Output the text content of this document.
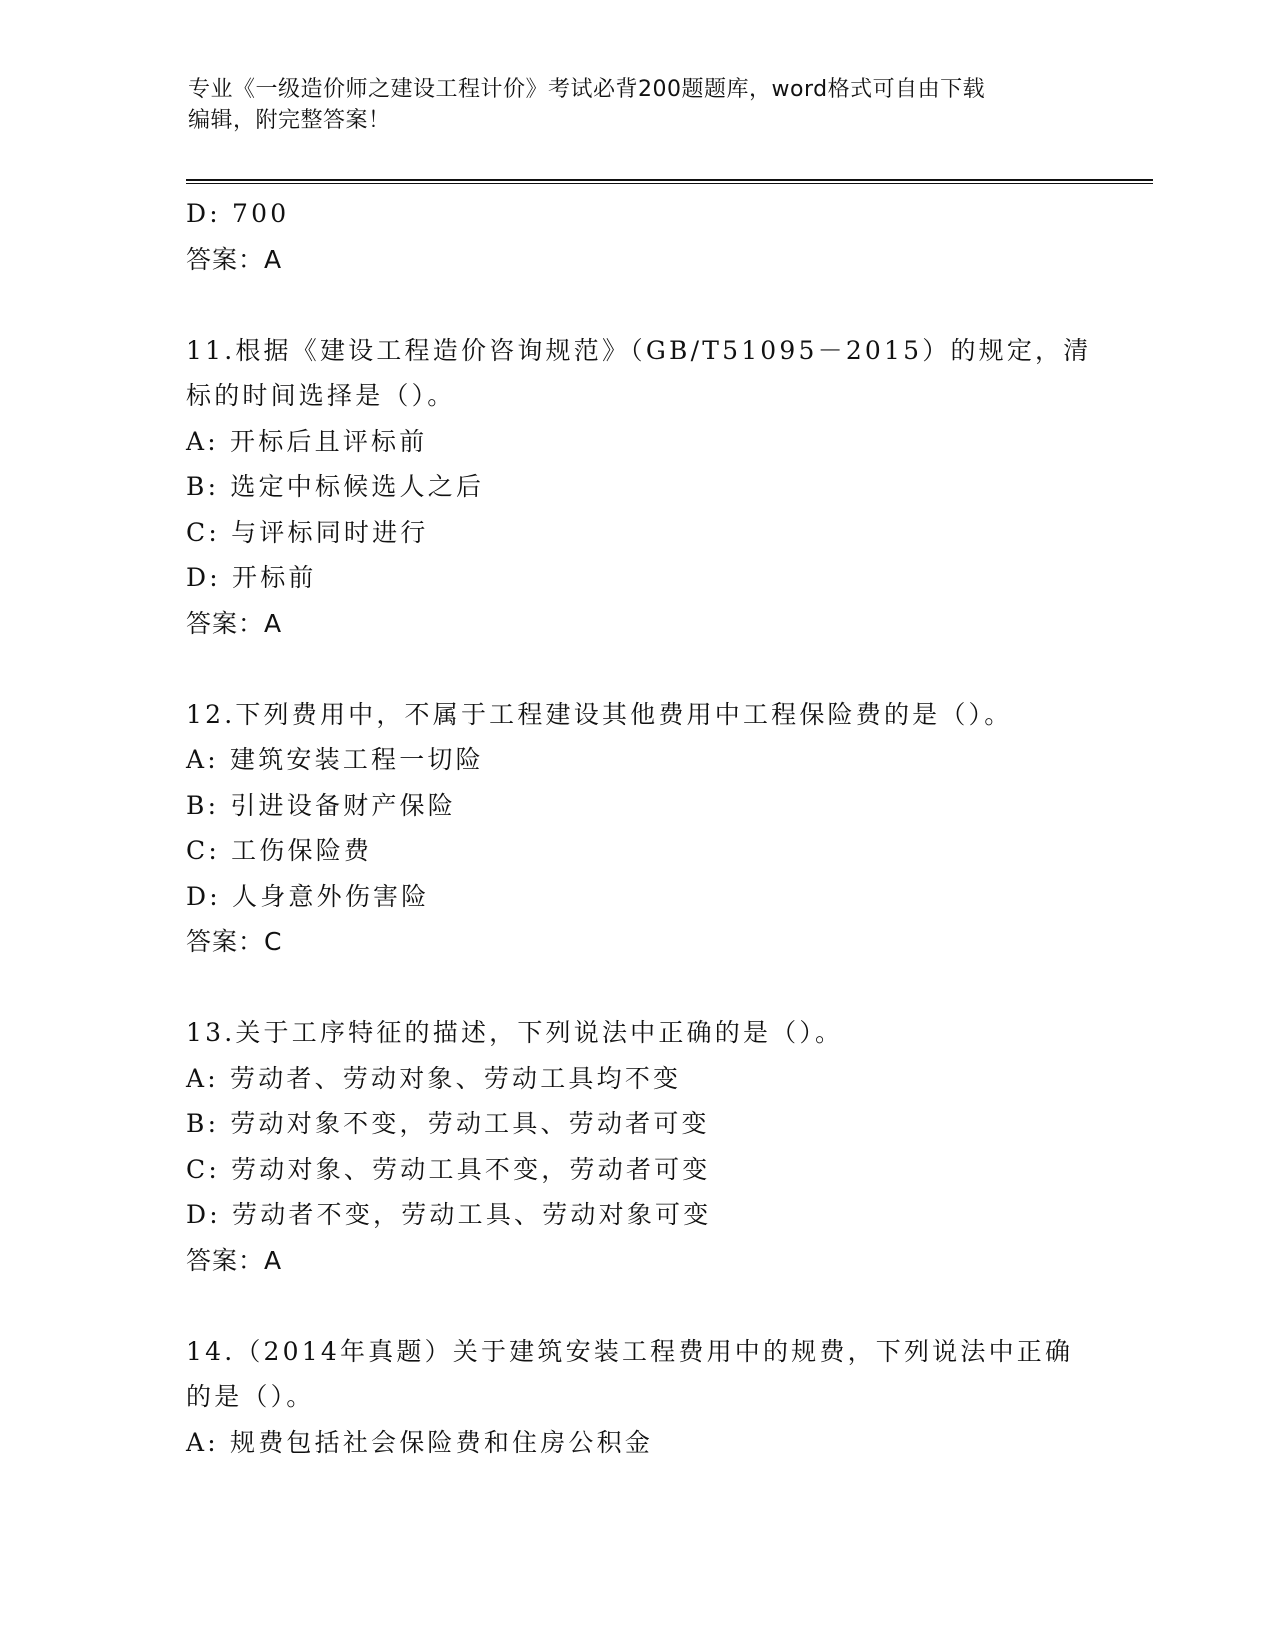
专业《一级造价师之建设工程计价》考试必背200题题库，word格式可自由下载
编辑，附完整答案！
D: 700
答案：A
11.根据《建设工程造价咨询规范》（GB/T51095－2015）的规定，清
标的时间选择是（）。
A: 开标后且评标前
B: 选定中标候选人之后
C: 与评标同时进行
D: 开标前
答案：A
12.下列费用中，不属于工程建设其他费用中工程保险费的是（）。
A: 建筑安装工程一切险
B: 引进设备财产保险
C: 工伤保险费
D: 人身意外伤害险
答案：C
13.关于工序特征的描述，下列说法中正确的是（）。
A: 劳动者、劳动对象、劳动工具均不变
B: 劳动对象不变，劳动工具、劳动者可变
C: 劳动对象、劳动工具不变，劳动者可变
D: 劳动者不变，劳动工具、劳动对象可变
答案：A
14.（2014年真题）关于建筑安装工程费用中的规费，下列说法中正确
的是（）。
A: 规费包括社会保险费和住房公积金
